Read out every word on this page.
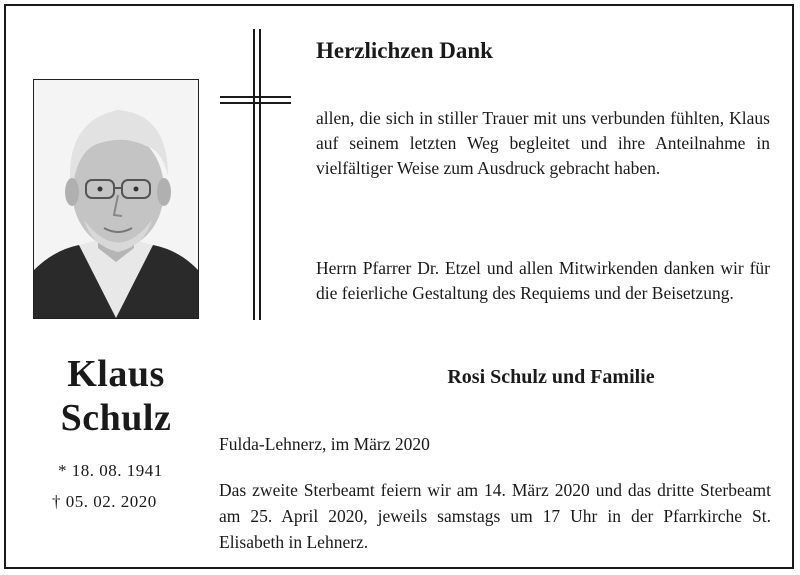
Klaus
Schulz
* 18. 08. 1941
† 05. 02. 2020
Herzlichzen Dank
allen, die sich in stiller Trauer mit uns verbunden fühlten, Klaus auf seinem letzten Weg begleitet und ihre Anteilnahme in vielfältiger Weise zum Ausdruck gebracht haben.
Herrn Pfarrer Dr. Etzel und allen Mitwirkenden danken wir für die feierliche Gestaltung des Requiems und der Beisetzung.
Rosi Schulz und Familie
Fulda-Lehnerz, im März 2020
Das zweite Sterbeamt feiern wir am 14. März 2020 und das dritte Sterbeamt am 25. April 2020, jeweils samstags um 17 Uhr in der Pfarrkirche St. Elisabeth in Lehnerz.
